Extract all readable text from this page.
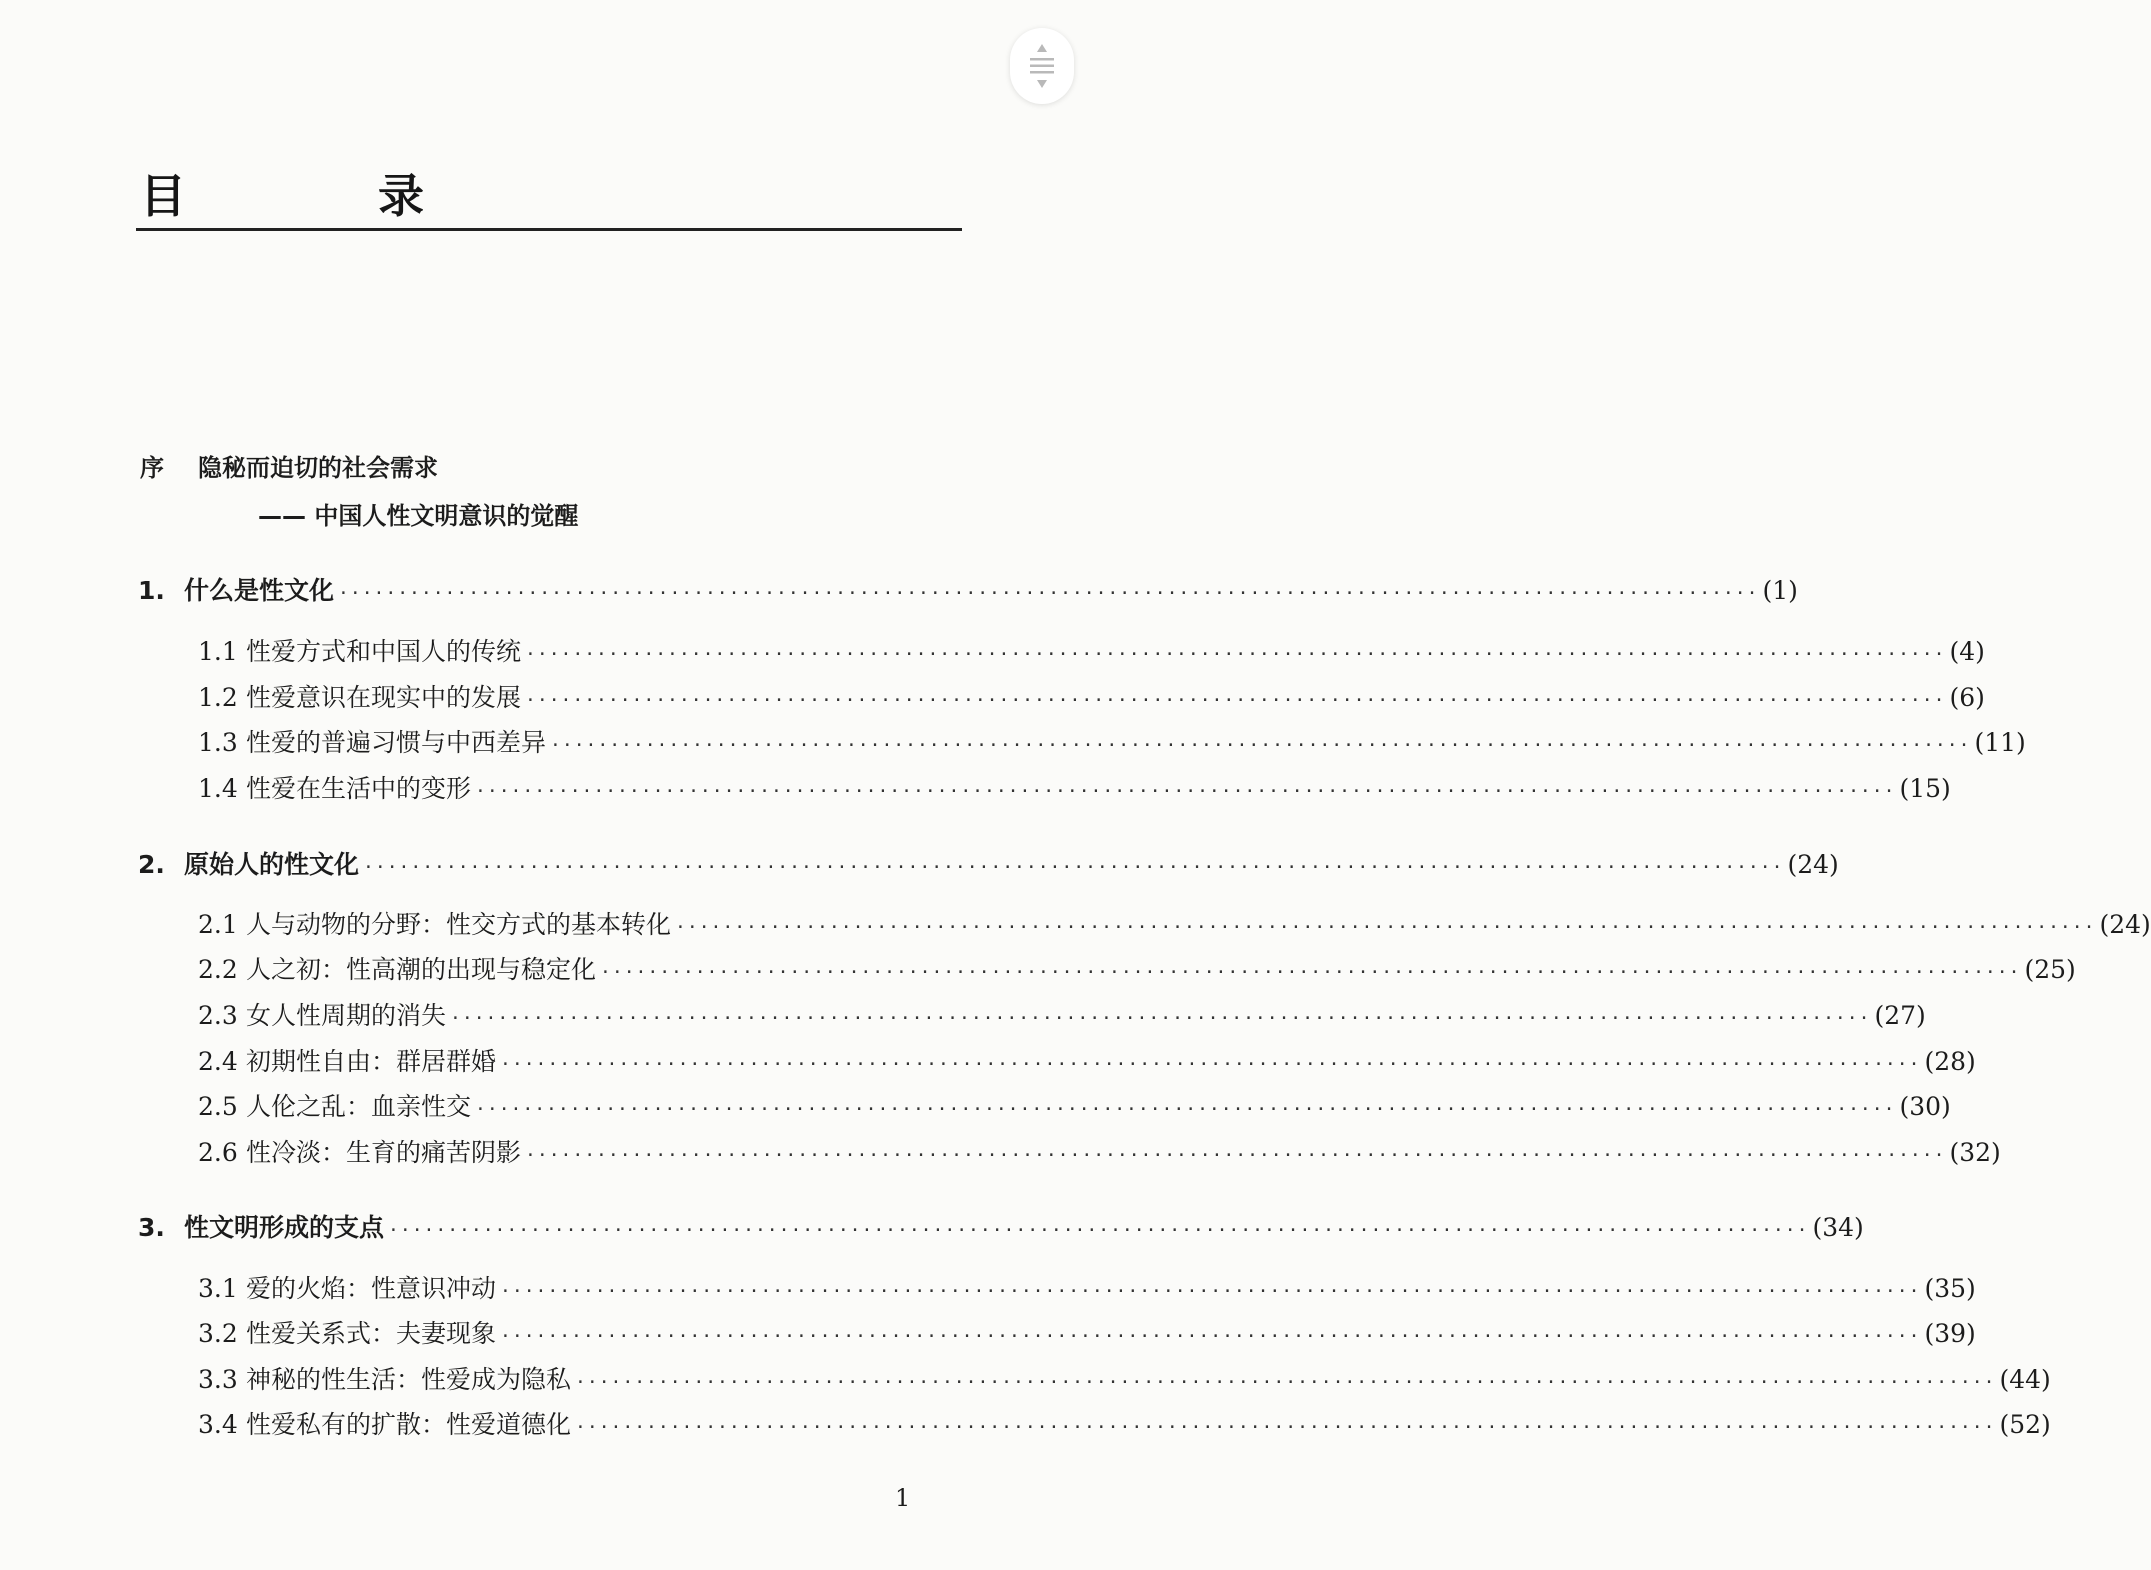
目 录
序 隐秘而迫切的社会需求
—— 中国人性文明意识的觉醒
1. 什么是性文化 ························································································································ ( 1 )
1.1 性爱方式和中国人的传统 ························································································································ ( 4 )
1.2 性爱意识在现实中的发展 ························································································································ ( 6 )
1.3 性爱的普遍习惯与中西差异 ························································································································ ( 11 )
1.4 性爱在生活中的变形 ························································································································ ( 15 )
2. 原始人的性文化 ························································································································ ( 24 )
2.1 人与动物的分野：性交方式的基本转化 ························································································································ ( 24 )
2.2 人之初：性高潮的出现与稳定化 ························································································································ ( 25 )
2.3 女人性周期的消失 ························································································································ ( 27 )
2.4 初期性自由：群居群婚 ························································································································ ( 28 )
2.5 人伦之乱：血亲性交 ························································································································ ( 30 )
2.6 性冷淡：生育的痛苦阴影 ························································································································ ( 32 )
3. 性文明形成的支点 ························································································································ ( 34 )
3.1 爱的火焰：性意识冲动 ························································································································ ( 35 )
3.2 性爱关系式：夫妻现象 ························································································································ ( 39 )
3.3 神秘的性生活：性爱成为隐私 ························································································································ ( 44 )
3.4 性爱私有的扩散：性爱道德化 ························································································································ ( 52 )
1
